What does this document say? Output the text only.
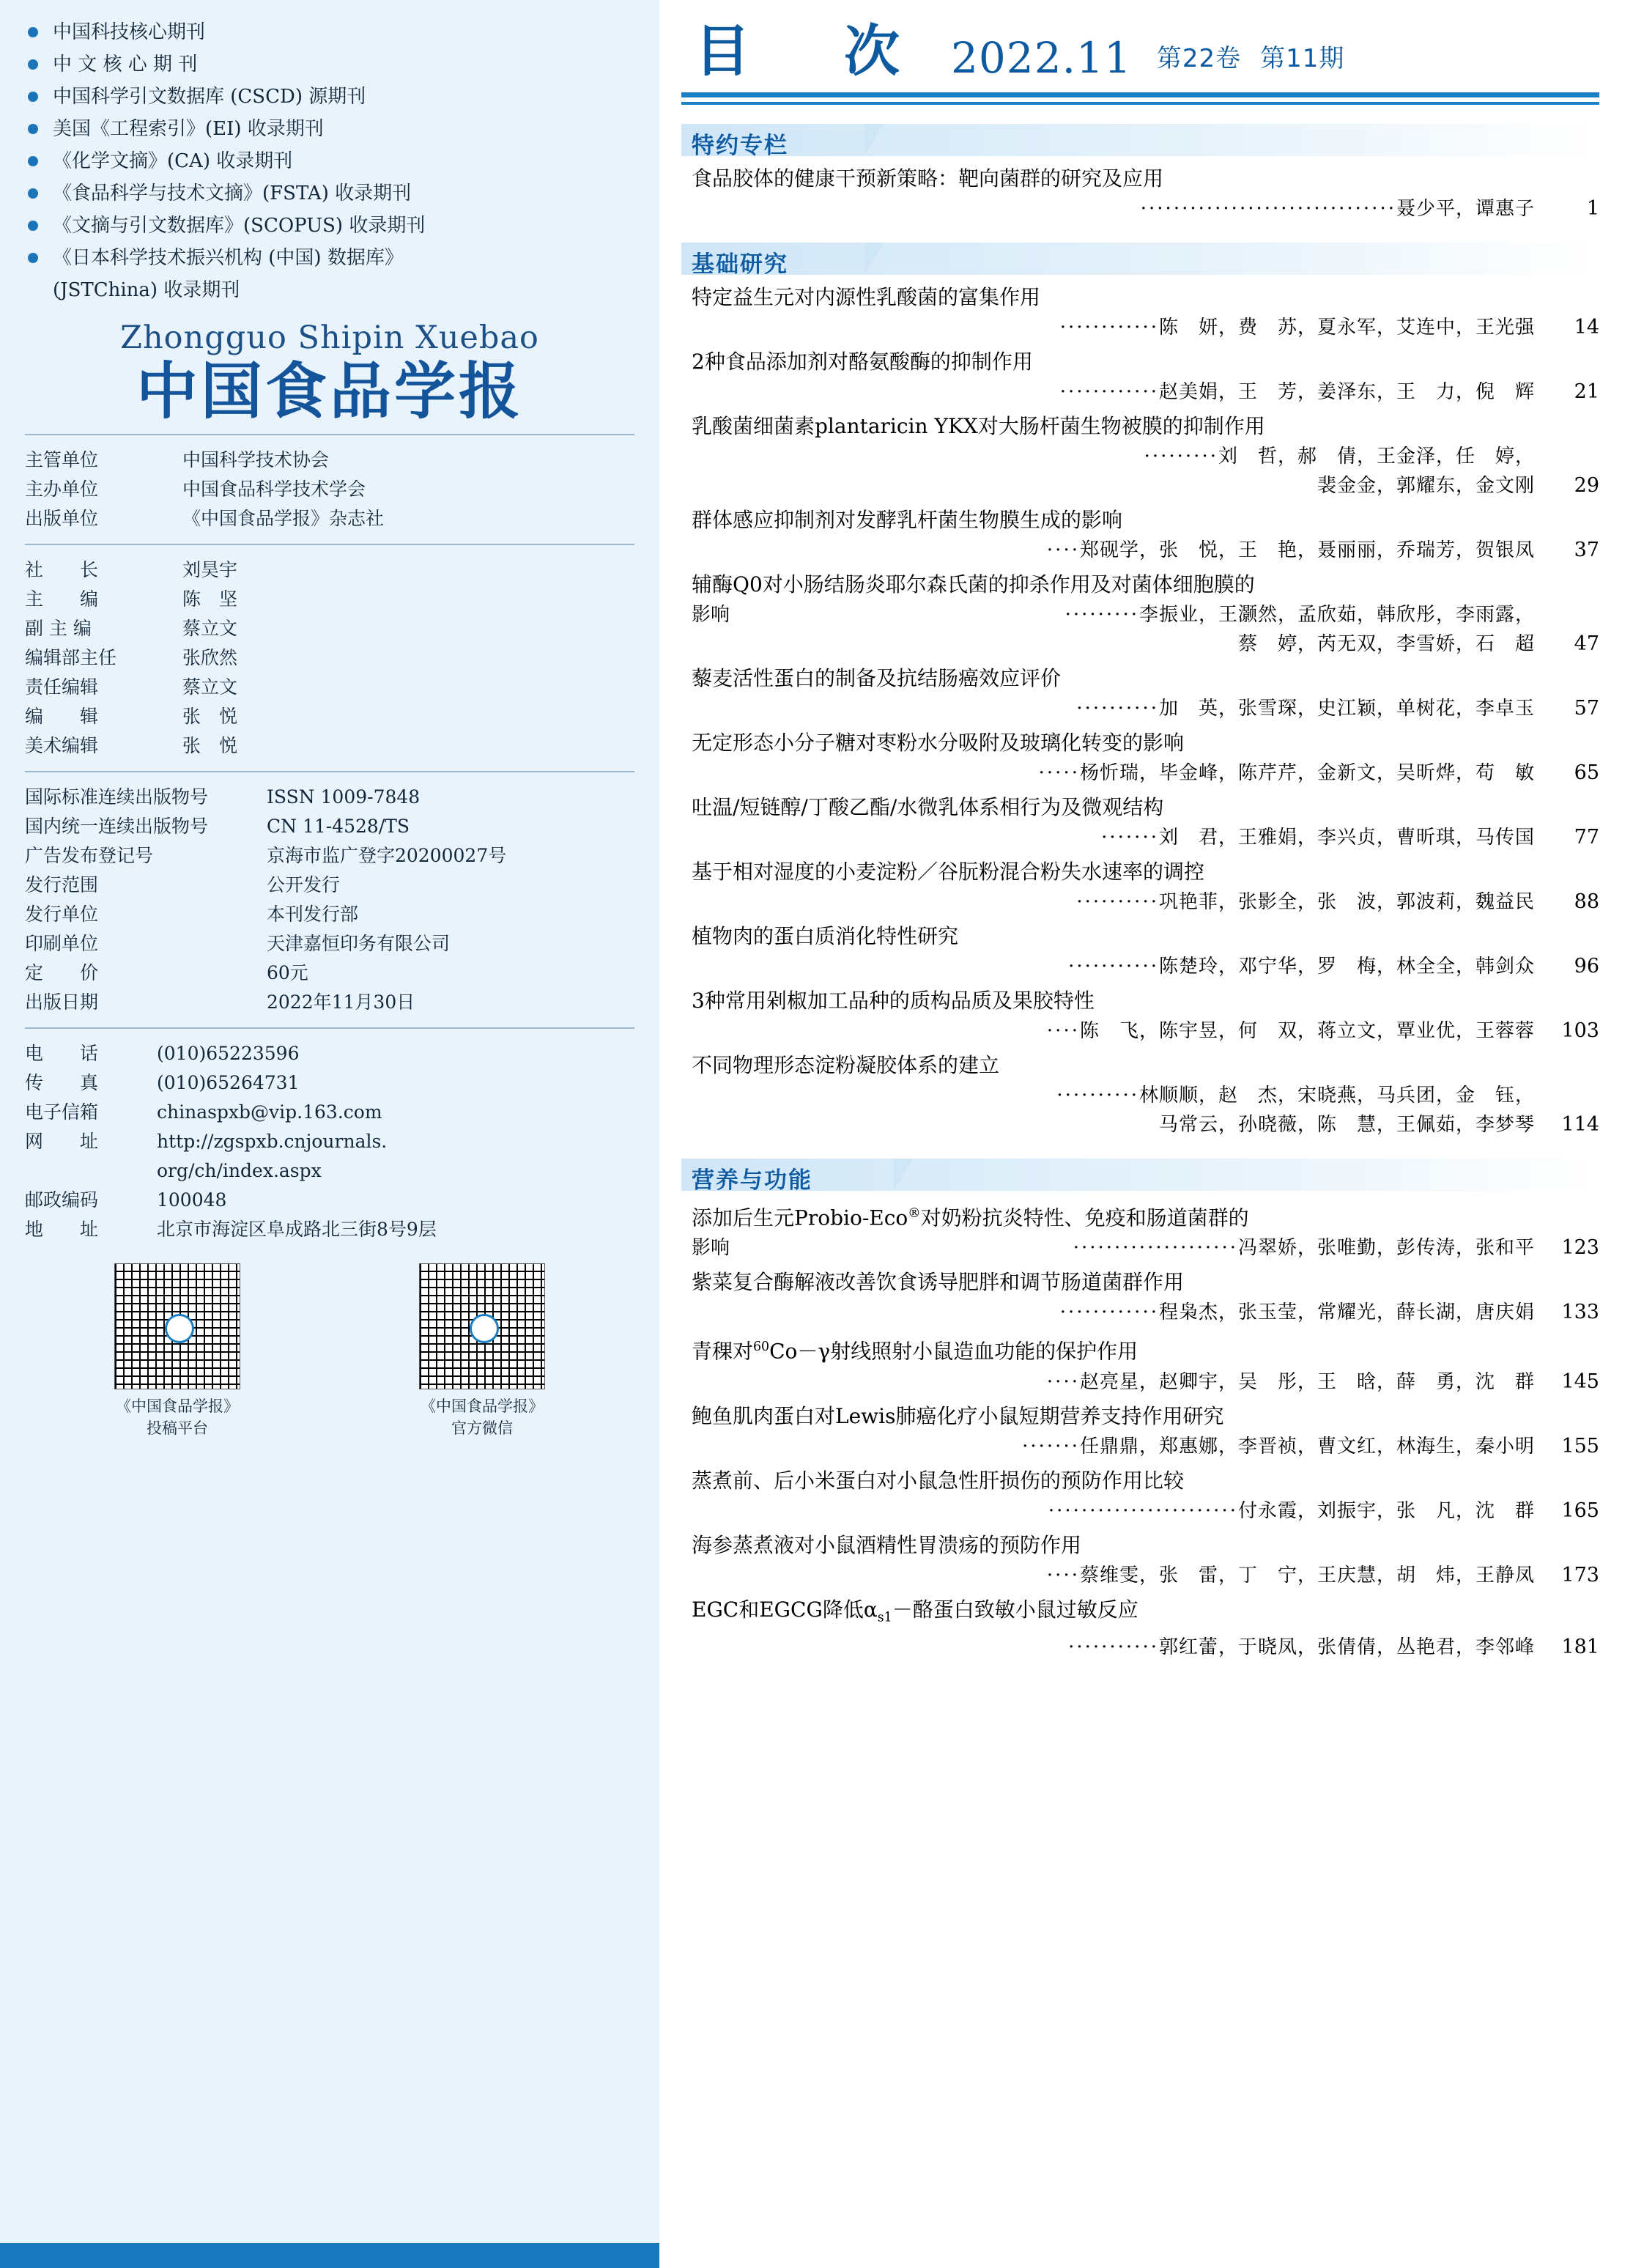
中国科技核心期刊
中 文 核 心 期 刊
中国科学引文数据库 (CSCD) 源期刊
美国《工程索引》(EI) 收录期刊
《化学文摘》(CA) 收录期刊
《食品科学与技术文摘》(FSTA) 收录期刊
《文摘与引文数据库》(SCOPUS) 收录期刊
《日本科学技术振兴机构 (中国) 数据库》
(JSTChina) 收录期刊
Zhongguo Shipin Xuebao
中国食品学报
主管单位	中国科学技术协会
主办单位	中国食品科学技术学会
出版单位	《中国食品学报》杂志社
社　　长	刘昊宇
主　　编	陈　坚
副 主 编	蔡立文
编辑部主任	张欣然
责任编辑	蔡立文
编　　辑	张　悦
美术编辑	张　悦
国际标准连续出版物号	ISSN 1009-7848
国内统一连续出版物号	CN 11-4528/TS
广告发布登记号	京海市监广登字20200027号
发行范围	公开发行
发行单位	本刊发行部
印刷单位	天津嘉恒印务有限公司
定　　价	60元
出版日期	2022年11月30日
电　　话	(010)65223596
传　　真	(010)65264731
电子信箱	chinaspxb@vip.163.com
网　　址	http://zgspxb.cnjournals.
org/ch/index.aspx
邮政编码	100048
地　　址	北京市海淀区阜成路北三街8号9层
《中国食品学报》
投稿平台
《中国食品学报》
官方微信
目　次 2022.11 第22卷 第11期
特约专栏
食品胶体的健康干预新策略：靶向菌群的研究及应用
·······························聂少平，谭惠子	1
基础研究
特定益生元对内源性乳酸菌的富集作用
············陈　妍，费　苏，夏永军，艾连中，王光强	14
2种食品添加剂对酪氨酸酶的抑制作用
············赵美娟，王　芳，姜泽东，王　力，倪　辉	21
乳酸菌细菌素plantaricin YKX对大肠杆菌生物被膜的抑制作用
·········刘　哲，郝　倩，王金泽，任　婷，
裴金金，郭耀东，金文刚	29
群体感应抑制剂对发酵乳杆菌生物膜生成的影响
····郑砚学，张　悦，王　艳，聂丽丽，乔瑞芳，贺银凤	37
辅酶Q0对小肠结肠炎耶尔森氏菌的抑杀作用及对菌体细胞膜的
影响	·········李振业，王灏然，孟欣茹，韩欣彤，李雨露，
蔡　婷，芮无双，李雪娇，石　超	47
藜麦活性蛋白的制备及抗结肠癌效应评价
··········加　英，张雪琛，史江颖，单树花，李卓玉	57
无定形态小分子糖对枣粉水分吸附及玻璃化转变的影响
·····杨忻瑞，毕金峰，陈芹芹，金新文，吴昕烨，苟　敏	65
吐温/短链醇/丁酸乙酯/水微乳体系相行为及微观结构
·······刘　君，王雅娟，李兴贞，曹昕琪，马传国	77
基于相对湿度的小麦淀粉／谷朊粉混合粉失水速率的调控
··········巩艳菲，张影全，张　波，郭波莉，魏益民	88
植物肉的蛋白质消化特性研究
···········陈楚玲，邓宁华，罗　梅，林全全，韩剑众	96
3种常用剁椒加工品种的质构品质及果胶特性
····陈　飞，陈宇昱，何　双，蒋立文，覃业优，王蓉蓉	103
不同物理形态淀粉凝胶体系的建立
··········林顺顺，赵　杰，宋晓燕，马兵团，金　钰，
马常云，孙晓薇，陈　慧，王佩茹，李梦琴	114
营养与功能
添加后生元Probio-Eco®对奶粉抗炎特性、免疫和肠道菌群的
影响	····················冯翠娇，张唯勤，彭传涛，张和平	123
紫菜复合酶解液改善饮食诱导肥胖和调节肠道菌群作用
············程枭杰，张玉莹，常耀光，薛长湖，唐庆娟	133
青稞对$^{60}$Co－γ射线照射小鼠造血功能的保护作用
····赵亮星，赵卿宇，吴　彤，王　晗，薛　勇，沈　群	145
鲍鱼肌肉蛋白对Lewis肺癌化疗小鼠短期营养支持作用研究
·······任鼎鼎，郑惠娜，李晋祯，曹文红，林海生，秦小明	155
蒸煮前、后小米蛋白对小鼠急性肝损伤的预防作用比较
·······················付永霞，刘振宇，张　凡，沈　群	165
海参蒸煮液对小鼠酒精性胃溃疡的预防作用
····蔡维雯，张　雷，丁　宁，王庆慧，胡　炜，王静凤	173
EGC和EGCG降低$\alpha_{s1}-$酪蛋白致敏小鼠过敏反应
···········郭红蕾，于晓凤，张倩倩，丛艳君，李邻峰	181
